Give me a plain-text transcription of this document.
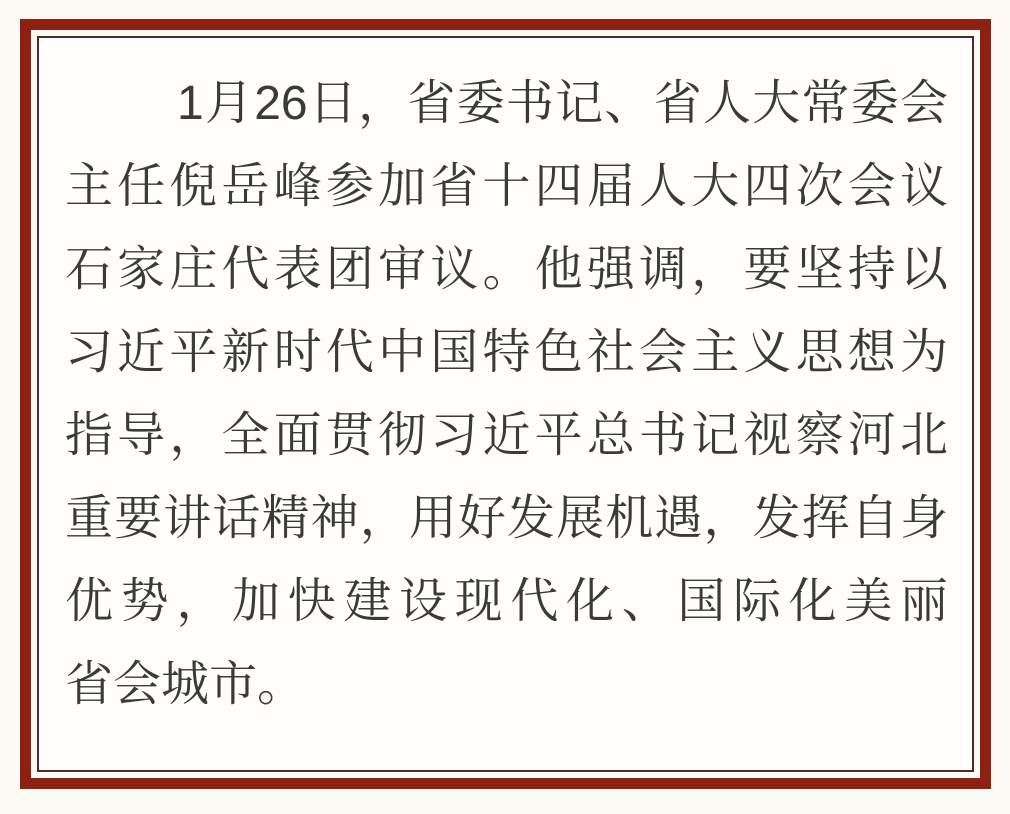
1月26日，省委书记、省人大常委会

主任倪岳峰参加省十四届人大四次会议

石家庄代表团审议。他强调，要坚持以

习近平新时代中国特色社会主义思想为

指导，全面贯彻习近平总书记视察河北

重要讲话精神，用好发展机遇，发挥自身

优势，加快建设现代化、国际化美丽

省会城市。
